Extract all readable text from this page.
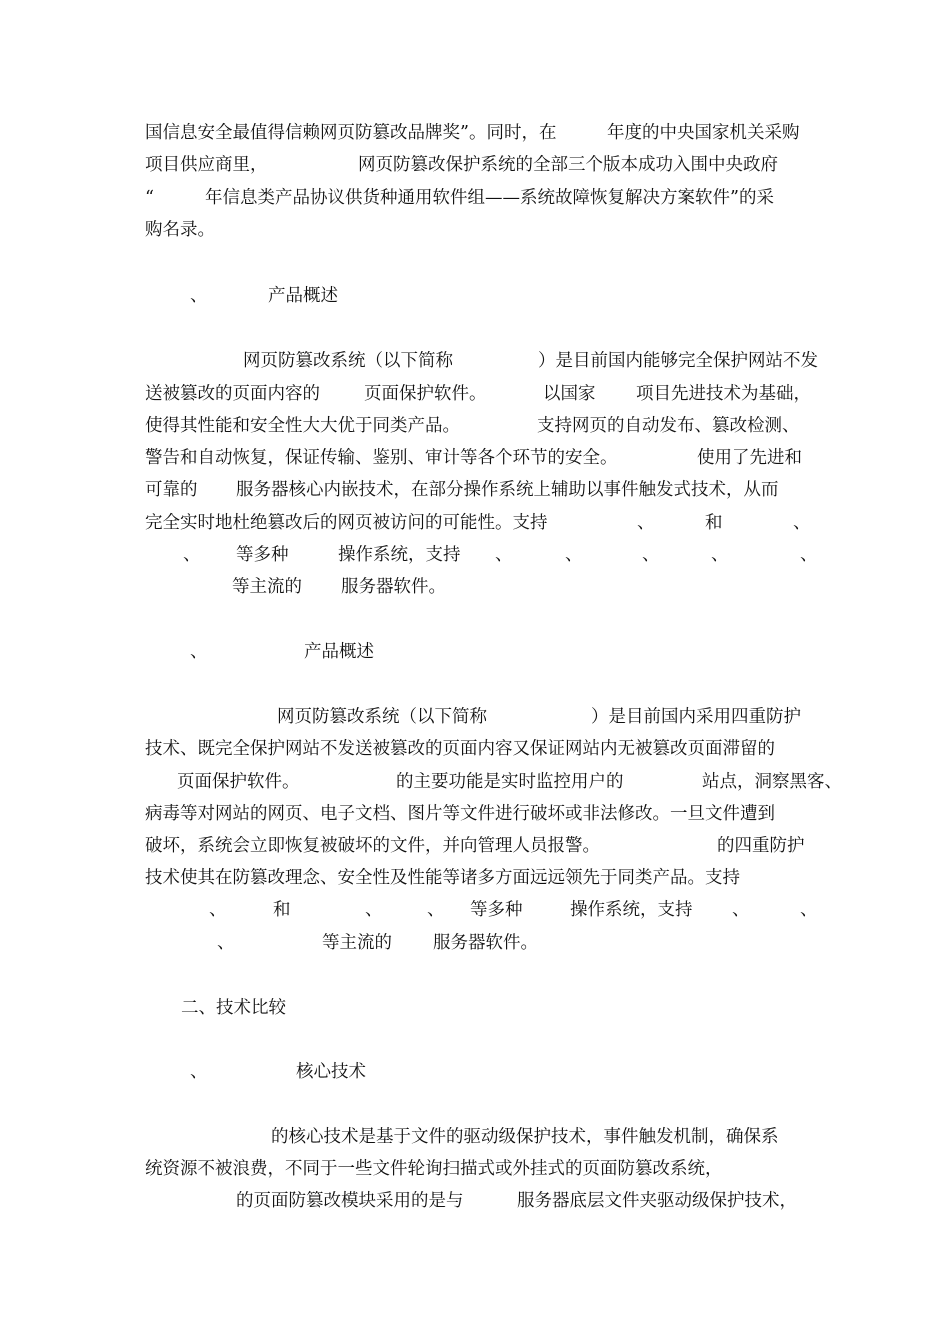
国信息安全最值得信赖网页防篡改品牌奖”。同时，在	年度的中央国家机关采购
项目供应商里，	网页防篡改保护系统的全部三个版本成功入围中央政府
“	年信息类产品协议供货种通用软件组——系统故障恢复解决方案软件”的采
购名录。
、	产品概述
网页防篡改系统（以下简称	）是目前国内能够完全保护网站不发
送被篡改的页面内容的	页面保护软件。	以国家 项目先进技术为基础，
使得其性能和安全性大大优于同类产品。	支持网页的自动发布、篡改检测、
警告和自动恢复，保证传输、鉴别、审计等各个环节的安全。	使用了先进和
可靠的 服务器核心内嵌技术，在部分操作系统上辅助以事件触发式技术，从而
完全实时地杜绝篡改后的网页被访问的可能性。支持	、	和	、
、 等多种	操作系统，支持 、	、	、	、	、
等主流的 服务器软件。
、	产品概述
网页防篡改系统（以下简称	）是目前国内采用四重防护
技术、既完全保护网站不发送被篡改的页面内容又保证网站内无被篡改页面滞留的
页面保护软件。	的主要功能是实时监控用户的	站点，洞察黑客、
病毒等对网站的网页、电子文档、图片等文件进行破坏或非法修改。一旦文件遭到
破坏，系统会立即恢复被破坏的文件，并向管理人员报警。	的四重防护
技术使其在防篡改理念、安全性及性能等诸多方面远远领先于同类产品。支持
、	和	、	、 等多种	操作系统，支持 、	、
、	等主流的 服务器软件。
二、技术比较
、	核心技术
的核心技术是基于文件的驱动级保护技术，事件触发机制，确保系
统资源不被浪费，不同于一些文件轮询扫描式或外挂式的页面防篡改系统，
的页面防篡改模块采用的是与	服务器底层文件夹驱动级保护技术，
